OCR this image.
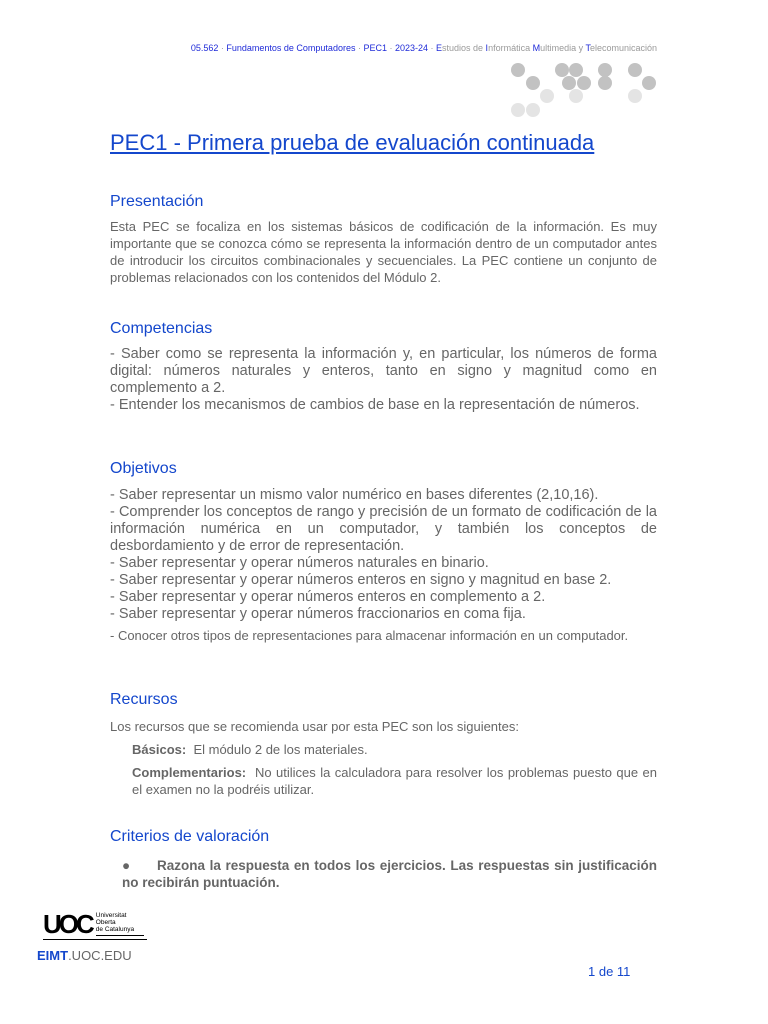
05.562 · Fundamentos de Computadores · PEC1 · 2023-24 · Estudios de Informática Multimedia y Telecomunicación
PEC1 - Primera prueba de evaluación continuada
Presentación

Esta PEC se focaliza en los sistemas básicos de codificación de la información. Es muy importante que se conozca cómo se representa la información dentro de un computador antes de introducir los circuitos combinacionales y secuenciales. La PEC contiene un conjunto de problemas relacionados con los contenidos del Módulo 2.

Competencias

- Saber como se representa la información y, en particular, los números de forma digital: números naturales y enteros, tanto en signo y magnitud como en complemento a 2.

- Entender los mecanismos de cambios de base en la representación de números.

Objetivos

- Saber representar un mismo valor numérico en bases diferentes (2,10,16).

- Comprender los conceptos de rango y precisión de un formato de codificación de la información numérica en un computador, y también los conceptos de desbordamiento y de error de representación.

- Saber representar y operar números naturales en binario.

- Saber representar y operar números enteros en signo y magnitud en base 2.

- Saber representar y operar números enteros en complemento a 2.

- Saber representar y operar números fraccionarios en coma fija.

- Conocer otros tipos de representaciones para almacenar información en un computador.

Recursos

Los recursos que se recomienda usar por esta PEC son los siguientes:

Básicos: El módulo 2 de los materiales.

Complementarios: No utilices la calculadora para resolver los problemas puesto que en el examen no la podréis utilizar.

Criterios de valoración

● Razona la respuesta en todos los ejercicios. Las respuestas sin justificación no recibirán puntuación.

UOC Universitat Oberta
de Catalunya
EIMT.UOC.EDU
1 de 11
